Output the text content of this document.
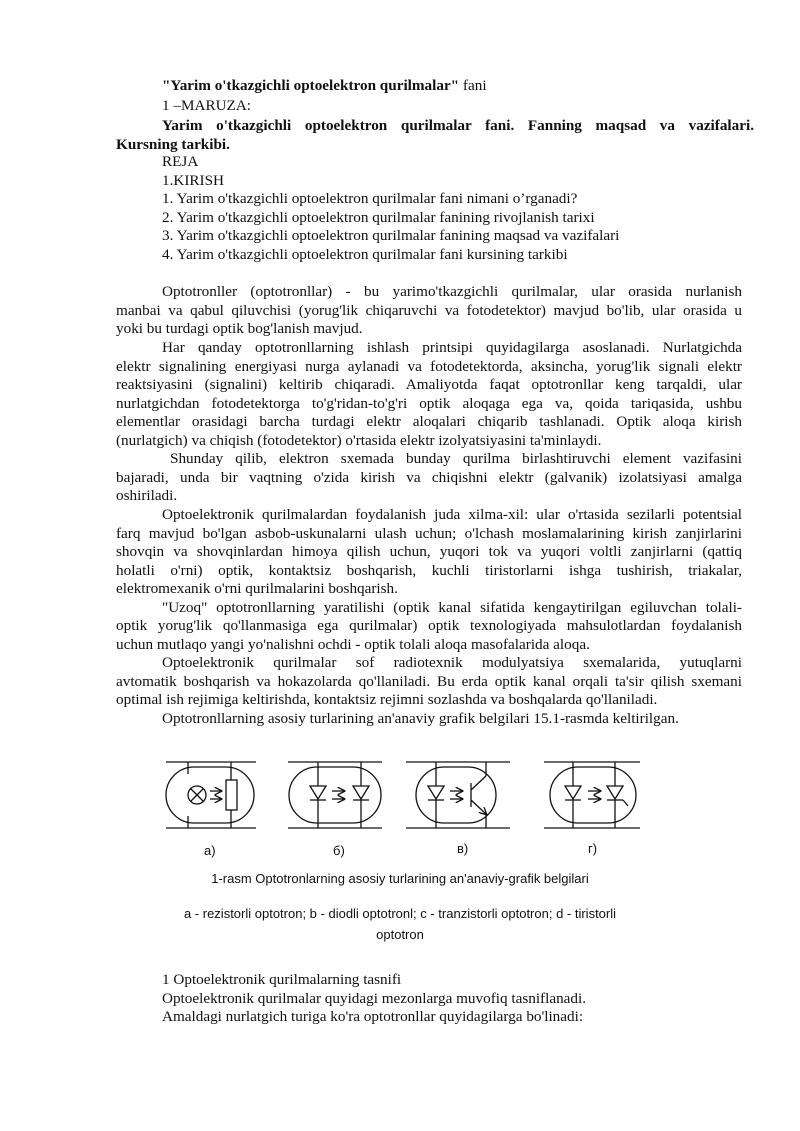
"Yarim o'tkazgichli optoelektron qurilmalar" fani
1 –MARUZA:
Yarim o'tkazgichli optoelektron qurilmalar fani. Fanning maqsad va vazifalari.
Kursning tarkibi.
REJA
1.KIRISH
1. Yarim o'tkazgichli optoelektron qurilmalar fani nimani o’rganadi?
2. Yarim o'tkazgichli optoelektron qurilmalar fanining rivojlanish tarixi
3. Yarim o'tkazgichli optoelektron qurilmalar fanining maqsad va vazifalari
4. Yarim o'tkazgichli optoelektron qurilmalar fani kursining tarkibi
Optotronller (optotronllar) - bu yarimo'tkazgichli qurilmalar, ular orasida nurlanish
manbai va qabul qiluvchisi (yorug'lik chiqaruvchi va fotodetektor) mavjud bo'lib, ular orasida u
yoki bu turdagi optik bog'lanish mavjud.
Har qanday optotronllarning ishlash printsipi quyidagilarga asoslanadi. Nurlatgichda
elektr signalining energiyasi nurga aylanadi va fotodetektorda, aksincha, yorug'lik signali elektr
reaktsiyasini (signalini) keltirib chiqaradi. Amaliyotda faqat optotronllar keng tarqaldi, ular
nurlatgichdan fotodetektorga to'g'ridan-to'g'ri optik aloqaga ega va, qoida tariqasida, ushbu
elementlar orasidagi barcha turdagi elektr aloqalari chiqarib tashlanadi. Optik aloqa kirish
(nurlatgich) va chiqish (fotodetektor) o'rtasida elektr izolyatsiyasini ta'minlaydi.
Shunday qilib, elektron sxemada bunday qurilma birlashtiruvchi element vazifasini
bajaradi, unda bir vaqtning o'zida kirish va chiqishni elektr (galvanik) izolatsiyasi amalga
oshiriladi.
Optoelektronik qurilmalardan foydalanish juda xilma-xil: ular o'rtasida sezilarli potentsial
farq mavjud bo'lgan asbob-uskunalarni ulash uchun; o'lchash moslamalarining kirish zanjirlarini
shovqin va shovqinlardan himoya qilish uchun, yuqori tok va yuqori voltli zanjirlarni (qattiq
holatli o'rni) optik, kontaktsiz boshqarish, kuchli tiristorlarni ishga tushirish, triakalar,
elektromexanik o'rni qurilmalarini boshqarish.
"Uzoq" optotronllarning yaratilishi (optik kanal sifatida kengaytirilgan egiluvchan tolali-
optik yorug'lik qo'llanmasiga ega qurilmalar) optik texnologiyada mahsulotlardan foydalanish
uchun mutlaqo yangi yo'nalishni ochdi - optik tolali aloqa masofalarida aloqa.
Optoelektronik qurilmalar sof radiotexnik modulyatsiya sxemalarida, yutuqlarni
avtomatik boshqarish va hokazolarda qo'llaniladi. Bu erda optik kanal orqali ta'sir qilish sxemani
optimal ish rejimiga keltirishda, kontaktsiz rejimni sozlashda va boshqalarda qo'llaniladi.
Optotronllarning asosiy turlarining an'anaviy grafik belgilari 15.1-rasmda keltirilgan.
а)	б)	в)	г)
1-rasm Optotronlarning asosiy turlarining an'anaviy-grafik belgilari
a - rezistorli optotron; b - diodli optotronl; c - tranzistorli optotron; d - tiristorli
optotron
1 Optoelektronik qurilmalarning tasnifi
Optoelektronik qurilmalar quyidagi mezonlarga muvofiq tasniflanadi.
Amaldagi nurlatgich turiga ko'ra optotronllar quyidagilarga bo'linadi:
